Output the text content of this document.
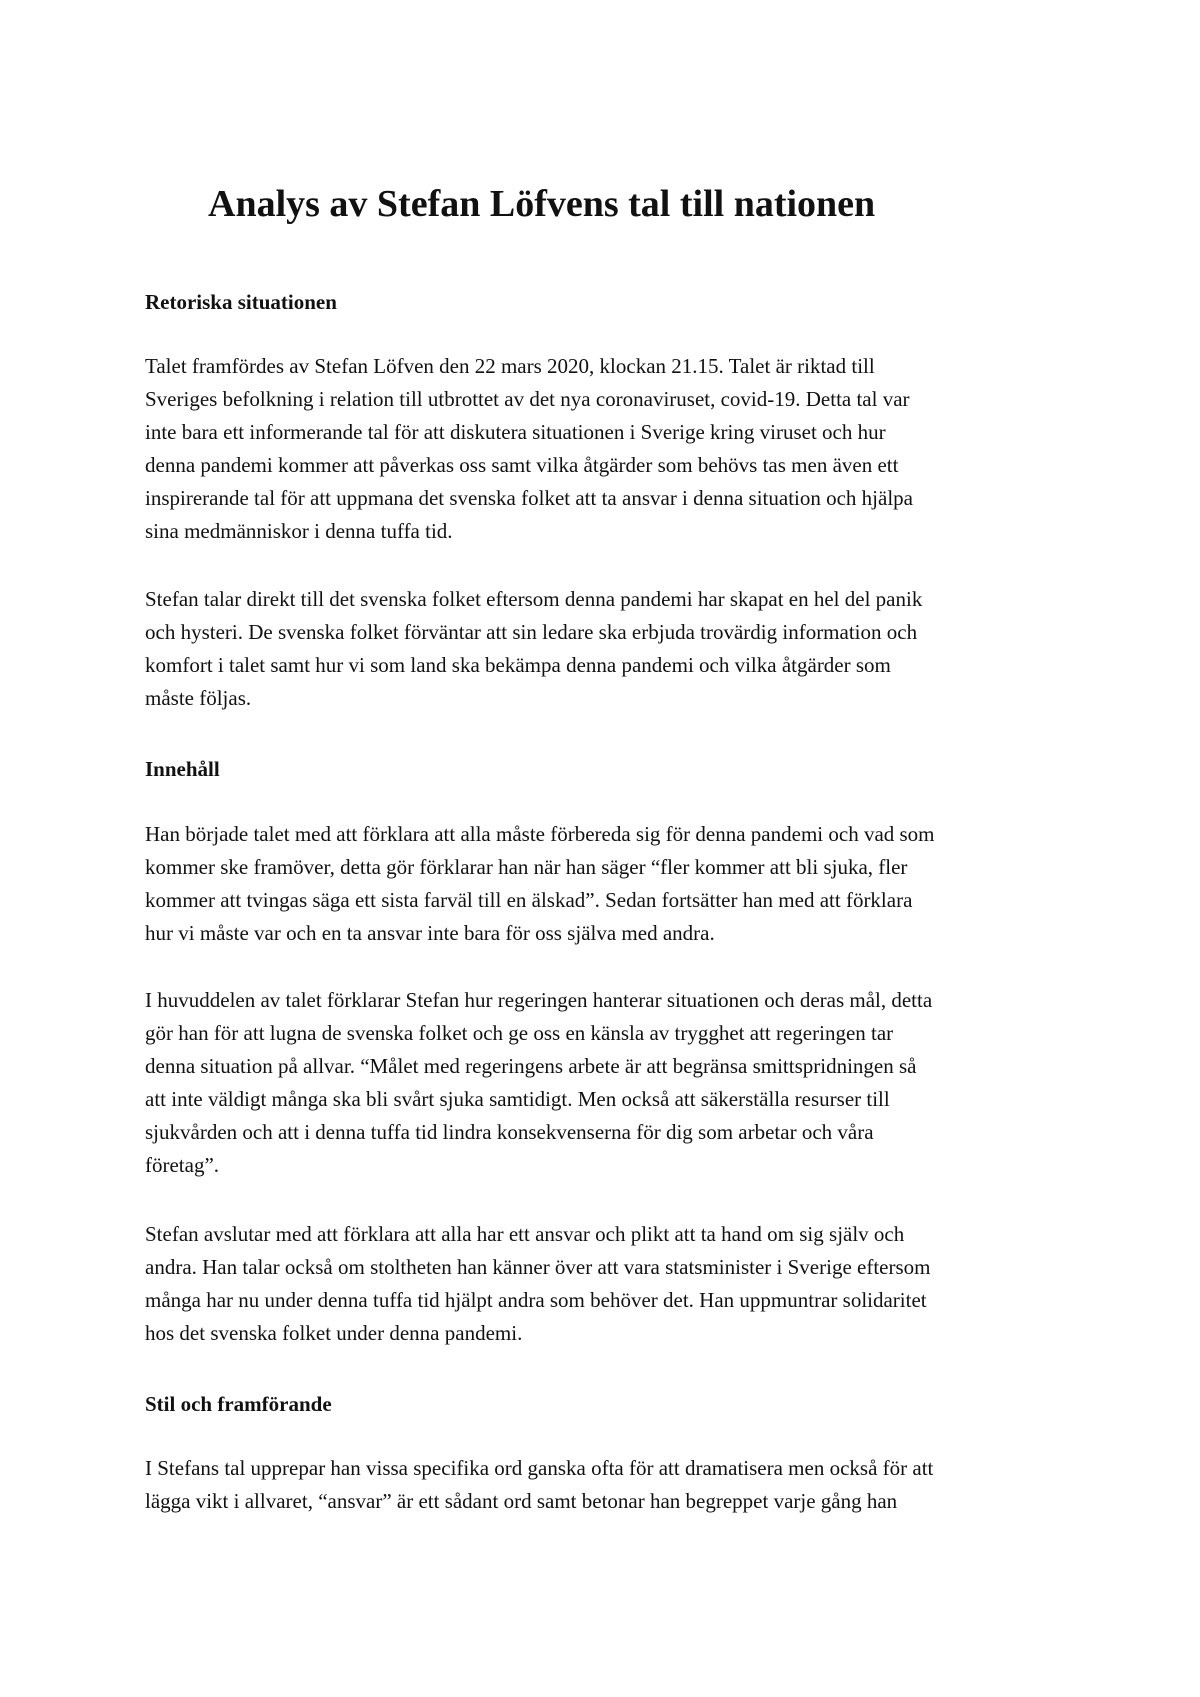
Analys av Stefan Löfvens tal till nationen
Retoriska situationen

Talet framfördes av Stefan Löfven den 22 mars 2020, klockan 21.15. Talet är riktad till
Sveriges befolkning i relation till utbrottet av det nya coronaviruset, covid-19. Detta tal var
inte bara ett informerande tal för att diskutera situationen i Sverige kring viruset och hur
denna pandemi kommer att påverkas oss samt vilka åtgärder som behövs tas men även ett
inspirerande tal för att uppmana det svenska folket att ta ansvar i denna situation och hjälpa
sina medmänniskor i denna tuffa tid.

Stefan talar direkt till det svenska folket eftersom denna pandemi har skapat en hel del panik
och hysteri. De svenska folket förväntar att sin ledare ska erbjuda trovärdig information och
komfort i talet samt hur vi som land ska bekämpa denna pandemi och vilka åtgärder som
måste följas.

Innehåll

Han började talet med att förklara att alla måste förbereda sig för denna pandemi och vad som
kommer ske framöver, detta gör förklarar han när han säger “fler kommer att bli sjuka, fler
kommer att tvingas säga ett sista farväl till en älskad”. Sedan fortsätter han med att förklara
hur vi måste var och en ta ansvar inte bara för oss själva med andra.

I huvuddelen av talet förklarar Stefan hur regeringen hanterar situationen och deras mål, detta
gör han för att lugna de svenska folket och ge oss en känsla av trygghet att regeringen tar
denna situation på allvar. “Målet med regeringens arbete är att begränsa smittspridningen så
att inte väldigt många ska bli svårt sjuka samtidigt. Men också att säkerställa resurser till
sjukvården och att i denna tuffa tid lindra konsekvenserna för dig som arbetar och våra
företag”.

Stefan avslutar med att förklara att alla har ett ansvar och plikt att ta hand om sig själv och
andra. Han talar också om stoltheten han känner över att vara statsminister i Sverige eftersom
många har nu under denna tuffa tid hjälpt andra som behöver det. Han uppmuntrar solidaritet
hos det svenska folket under denna pandemi.

Stil och framförande

I Stefans tal upprepar han vissa specifika ord ganska ofta för att dramatisera men också för att
lägga vikt i allvaret, “ansvar” är ett sådant ord samt betonar han begreppet varje gång han
